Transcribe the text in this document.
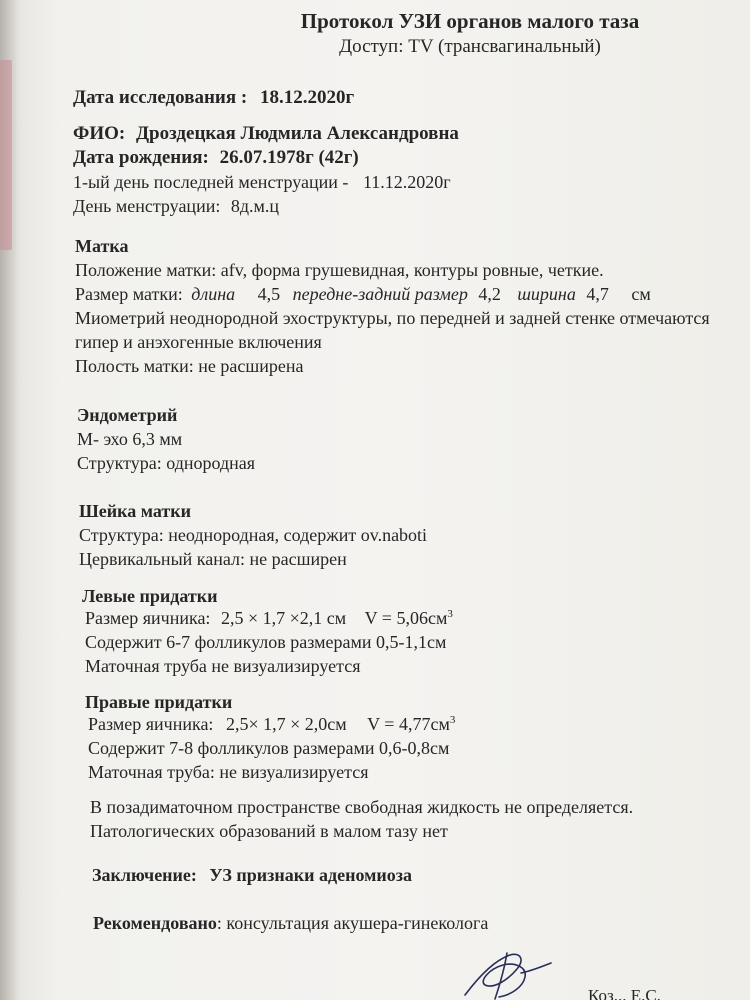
Протокол УЗИ органов малого таза
Доступ: TV (трансвагинальный)
Дата исследования : 18.12.2020г
ФИО: Дроздецкая Людмила Александровна
Дата рождения: 26.07.1978г (42г)
1-ый день последней менструации - 11.12.2020г
День менструации: 8д.м.ц
Матка
Положение матки: afv, форма грушевидная, контуры ровные, четкие.
Размер матки: длина 4,5 передне-задний размер 4,2 ширина 4,7 см
Миометрий неоднородной эхоструктуры, по передней и задней стенке отмечаются
гипер и анэхогенные включения
Полость матки: не расширена
Эндометрий
М- эхо 6,3 мм
Структура: однородная
Шейка матки
Структура: неоднородная, содержит ov.naboti
Цервикальный канал: не расширен
Левые придатки
Размер яичника: 2,5 × 1,7 ×2,1 см $V = 5,06см^3$
Содержит 6-7 фолликулов размерами 0,5-1,1см
Маточная труба не визуализируется
Правые придатки
Размер яичника: 2,5× 1,7 × 2,0см $V = 4,77см^3$
Содержит 7-8 фолликулов размерами 0,6-0,8см
Маточная труба: не визуализируется
В позадиматочном пространстве свободная жидкость не определяется.
Патологических образований в малом тазу нет
Заключение: УЗ признаки аденомиоза
Рекомендовано: консультация акушера-гинеколога
Коз... Е.С.
